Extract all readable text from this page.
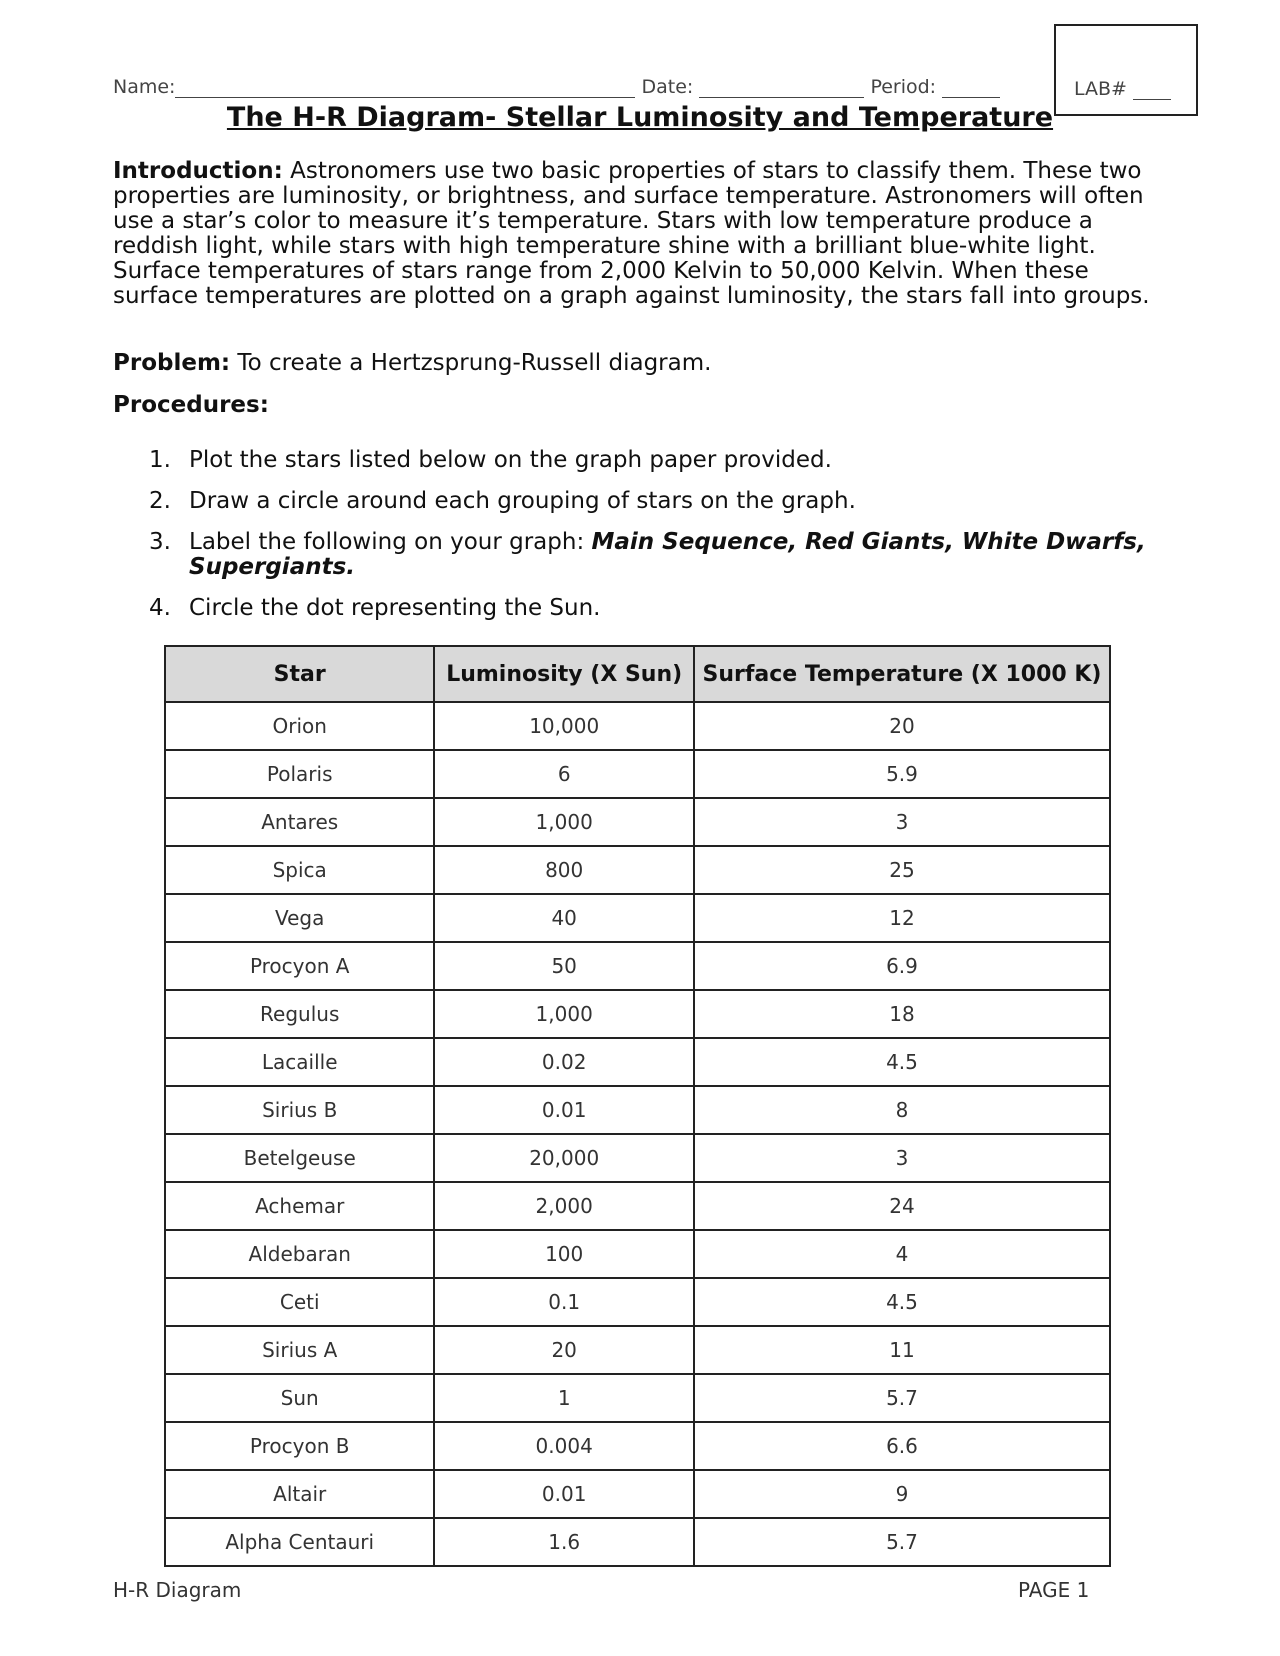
Name:	Date:	Period:	LAB#
The H-R Diagram- Stellar Luminosity and Temperature
Introduction: Astronomers use two basic properties of stars to classify them. These two properties are luminosity, or brightness, and surface temperature. Astronomers will often use a star’s color to measure it’s temperature. Stars with low temperature produce a reddish light, while stars with high temperature shine with a brilliant blue-white light. Surface temperatures of stars range from 2,000 Kelvin to 50,000 Kelvin. When these surface temperatures are plotted on a graph against luminosity, the stars fall into groups.
Problem: To create a Hertzsprung-Russell diagram.
Procedures:
1. Plot the stars listed below on the graph paper provided.
2. Draw a circle around each grouping of stars on the graph.
3. Label the following on your graph: Main Sequence, Red Giants, White Dwarfs, Supergiants.
4. Circle the dot representing the Sun.
Star	Luminosity (X Sun)	Surface Temperature (X 1000 K)
Orion	10,000	20
Polaris	6	5.9
Antares	1,000	3
Spica	800	25
Vega	40	12
Procyon A	50	6.9
Regulus	1,000	18
Lacaille	0.02	4.5
Sirius B	0.01	8
Betelgeuse	20,000	3
Achemar	2,000	24
Aldebaran	100	4
Ceti	0.1	4.5
Sirius A	20	11
Sun	1	5.7
Procyon B	0.004	6.6
Altair	0.01	9
Alpha Centauri	1.6	5.7
H-R Diagram	PAGE 1
